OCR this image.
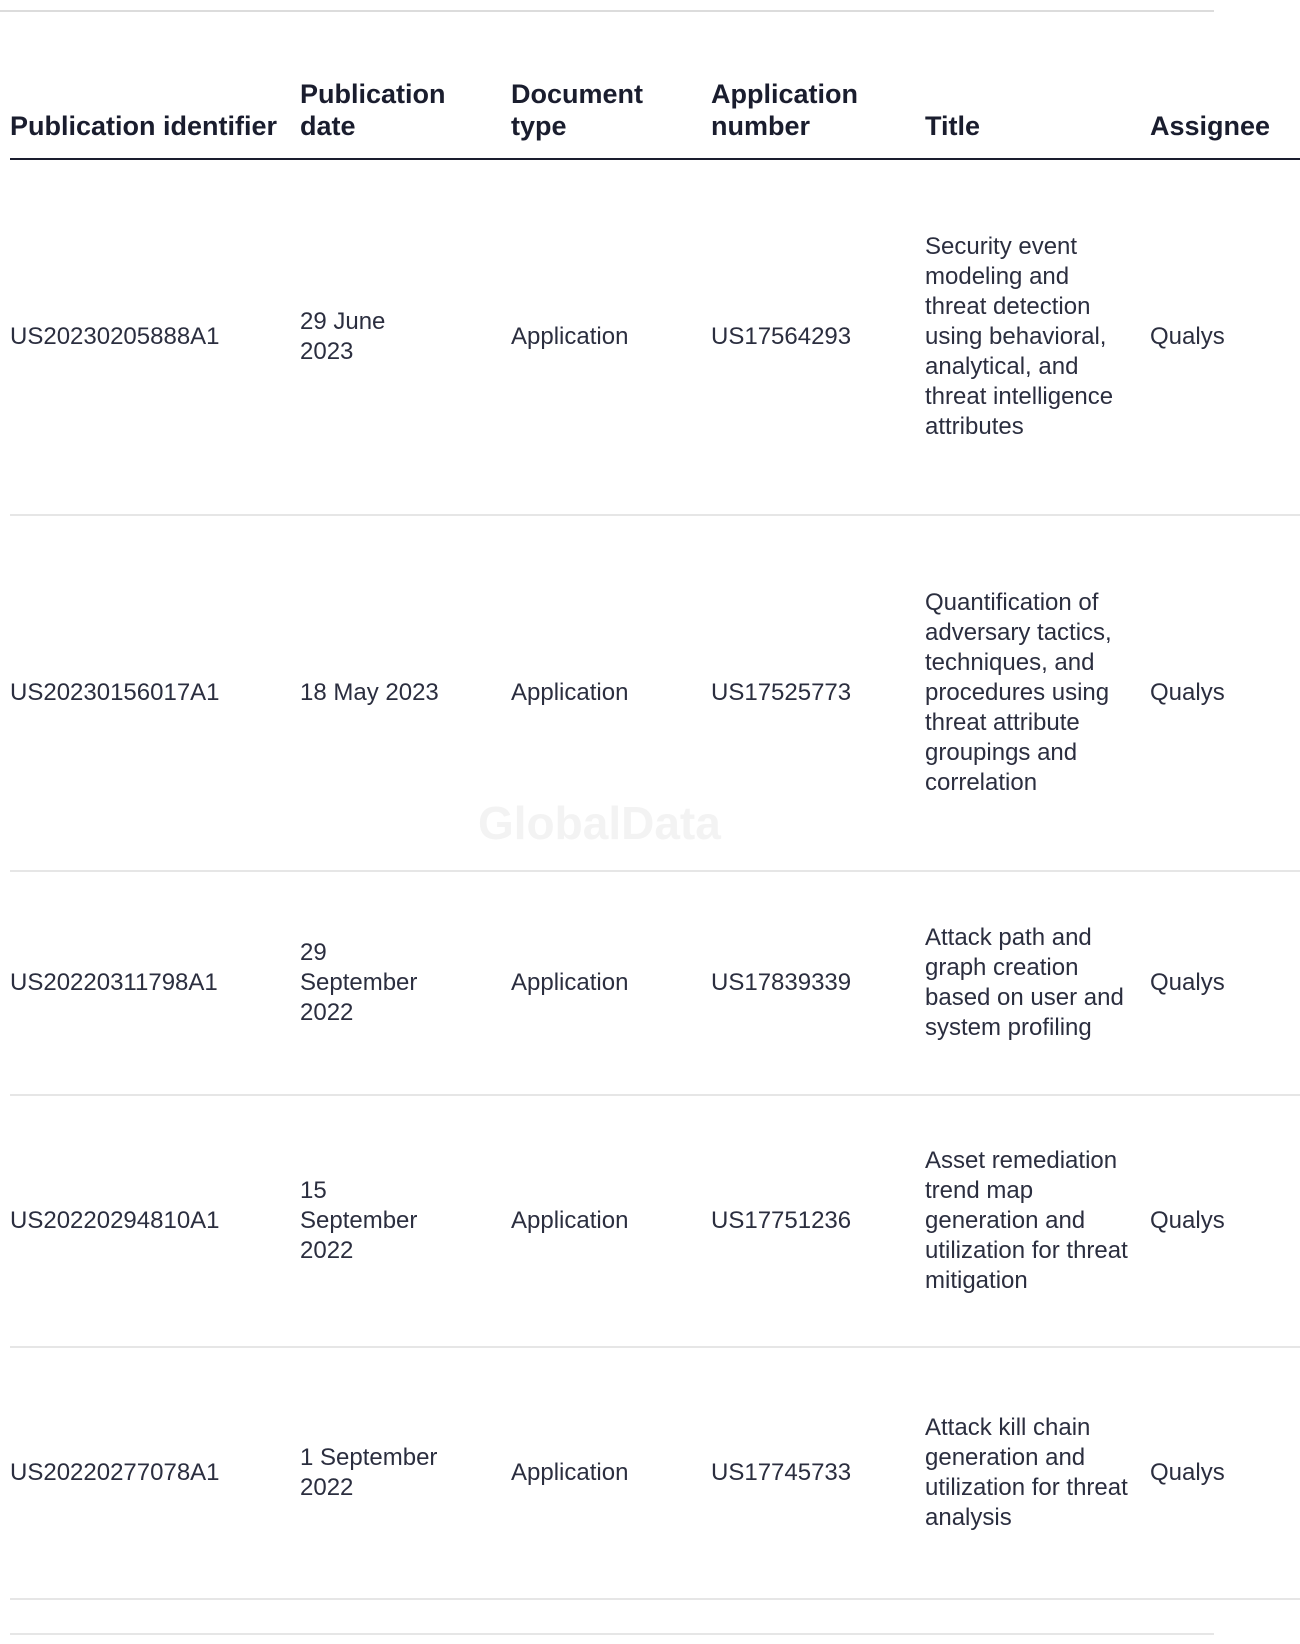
Publication identifier	Publication date	Document type	Application number	Title	Assignee
US20230205888A1	29 June 2023	Application	US17564293	Security event modeling and threat detection using behavioral, analytical, and threat intelligence attributes	Qualys
US20230156017A1	18 May 2023	Application	US17525773	Quantification of adversary tactics, techniques, and procedures using threat attribute groupings and correlation	Qualys
US20220311798A1	29 September 2022	Application	US17839339	Attack path and graph creation based on user and system profiling	Qualys
US20220294810A1	15 September 2022	Application	US17751236	Asset remediation trend map generation and utilization for threat mitigation	Qualys
US20220277078A1	1 September 2022	Application	US17745733	Attack kill chain generation and utilization for threat analysis	Qualys
GlobalData
